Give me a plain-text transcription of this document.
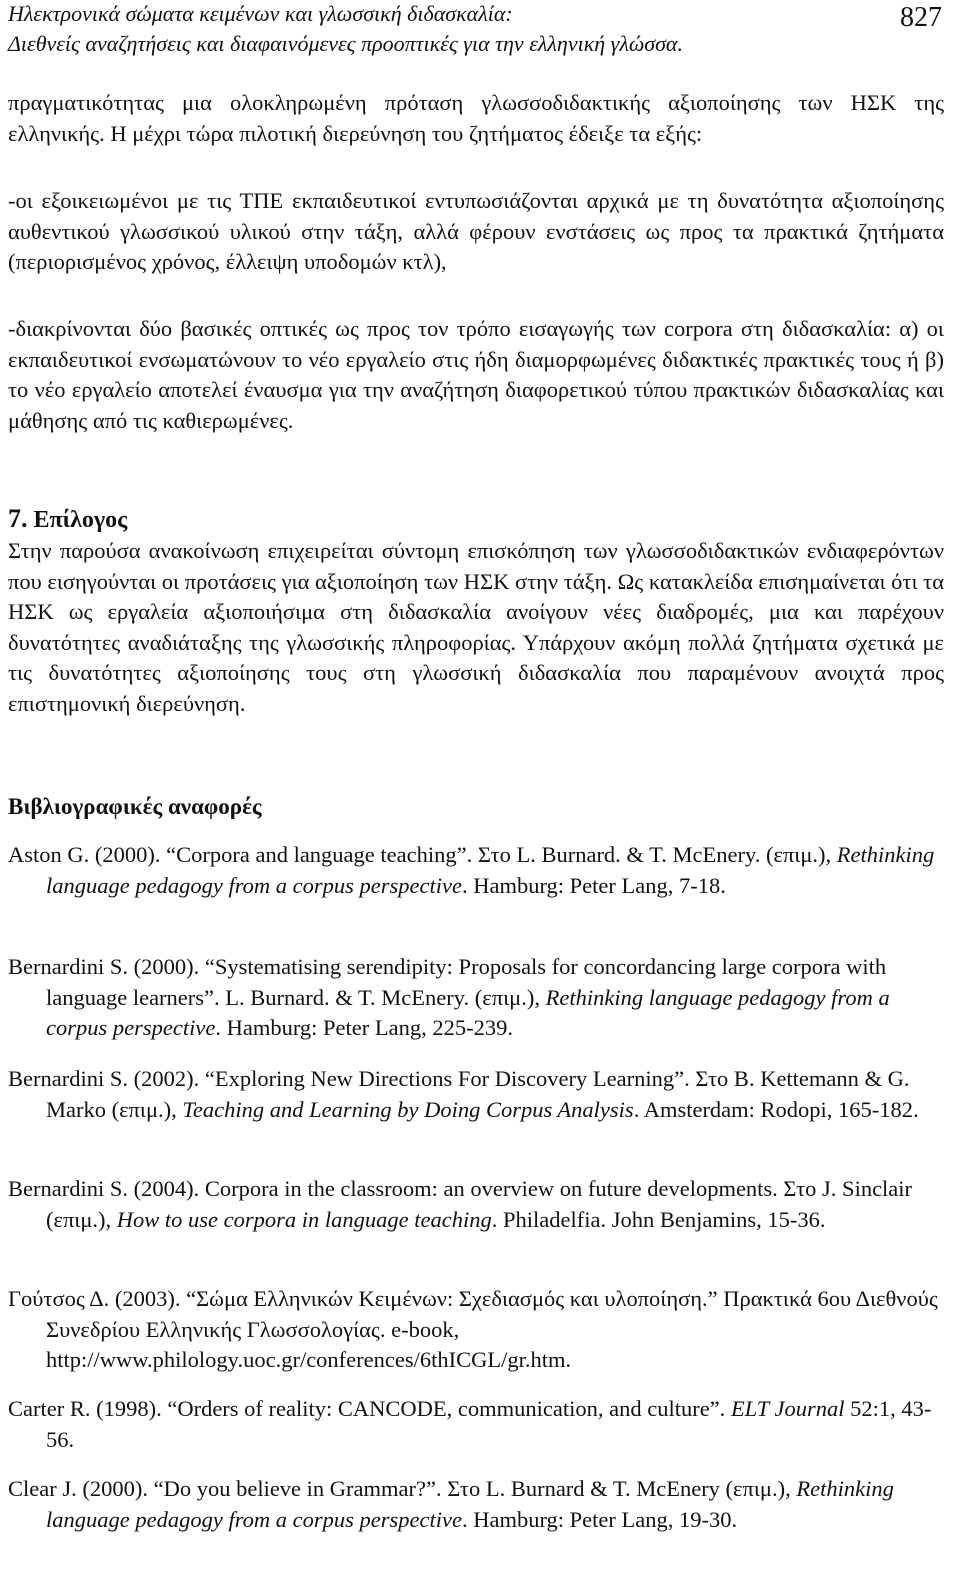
Ηλεκτρονικά σώματα κειμένων και γλωσσική διδασκαλία:
Διεθνείς αναζητήσεις και διαφαινόμενες προοπτικές για την ελληνική γλώσσα.
827

πραγματικότητας μια ολοκληρωμένη πρόταση γλωσσοδιδακτικής αξιοποίησης των ΗΣΚ της ελληνικής. Η μέχρι τώρα πιλοτική διερεύνηση του ζητήματος έδειξε τα εξής:

-οι εξοικειωμένοι με τις ΤΠΕ εκπαιδευτικοί εντυπωσιάζονται αρχικά με τη δυνατότητα αξιοποίησης αυθεντικού γλωσσικού υλικού στην τάξη, αλλά φέρουν ενστάσεις ως προς τα πρακτικά ζητήματα (περιορισμένος χρόνος, έλλειψη υποδομών κτλ),

-διακρίνονται δύο βασικές οπτικές ως προς τον τρόπο εισαγωγής των corpora στη διδασκαλία: α) οι εκπαιδευτικοί ενσωματώνουν το νέο εργαλείο στις ήδη διαμορφωμένες διδακτικές πρακτικές τους ή β) το νέο εργαλείο αποτελεί έναυσμα για την αναζήτηση διαφορετικού τύπου πρακτικών διδασκαλίας και μάθησης από τις καθιερωμένες.

7. Επίλογος

Στην παρούσα ανακοίνωση επιχειρείται σύντομη επισκόπηση των γλωσσοδιδακτικών ενδιαφερόντων που εισηγούνται οι προτάσεις για αξιοποίηση των ΗΣΚ στην τάξη. Ως κατακλείδα επισημαίνεται ότι τα ΗΣΚ ως εργαλεία αξιοποιήσιμα στη διδασκαλία ανοίγουν νέες διαδρομές, μια και παρέχουν δυνατότητες αναδιάταξης της γλωσσικής πληροφορίας. Υπάρχουν ακόμη πολλά ζητήματα σχετικά με τις δυνατότητες αξιοποίησης τους στη γλωσσική διδασκαλία που παραμένουν ανοιχτά προς επιστημονική διερεύνηση.

Βιβλιογραφικές αναφορές
Aston G. (2000). “Corpora and language teaching”. Στο L. Burnard. & T. McEnery. (επιμ.), Rethinking language pedagogy from a corpus perspective. Hamburg: Peter Lang, 7-18.
Bernardini S. (2000). “Systematising serendipity: Proposals for concordancing large corpora with language learners”. L. Burnard. & T. McEnery. (επιμ.), Rethinking language pedagogy from a corpus perspective. Hamburg: Peter Lang, 225-239.
Bernardini S. (2002). “Exploring New Directions For Discovery Learning”. Στο B. Kettemann & G. Marko (επιμ.), Teaching and Learning by Doing Corpus Analysis. Amsterdam: Rodopi, 165-182.
Bernardini S. (2004). Corpora in the classroom: an overview on future developments. Στο J. Sinclair (επιμ.), How to use corpora in language teaching. Philadelfia. John Benjamins, 15-36.
Γούτσος Δ. (2003). “Σώμα Ελληνικών Κειμένων: Σχεδιασμός και υλοποίηση.” Πρακτικά 6ου Διεθνούς Συνεδρίου Ελληνικής Γλωσσολογίας. e-book, http://www.philology.uoc.gr/conferences/6thICGL/gr.htm.
Carter R. (1998). “Orders of reality: CANCODE, communication, and culture”. ELT Journal 52:1, 43-56.
Clear J. (2000). “Do you believe in Grammar?”. Στο L. Burnard & T. McEnery (επιμ.), Rethinking language pedagogy from a corpus perspective. Hamburg: Peter Lang, 19-30.
